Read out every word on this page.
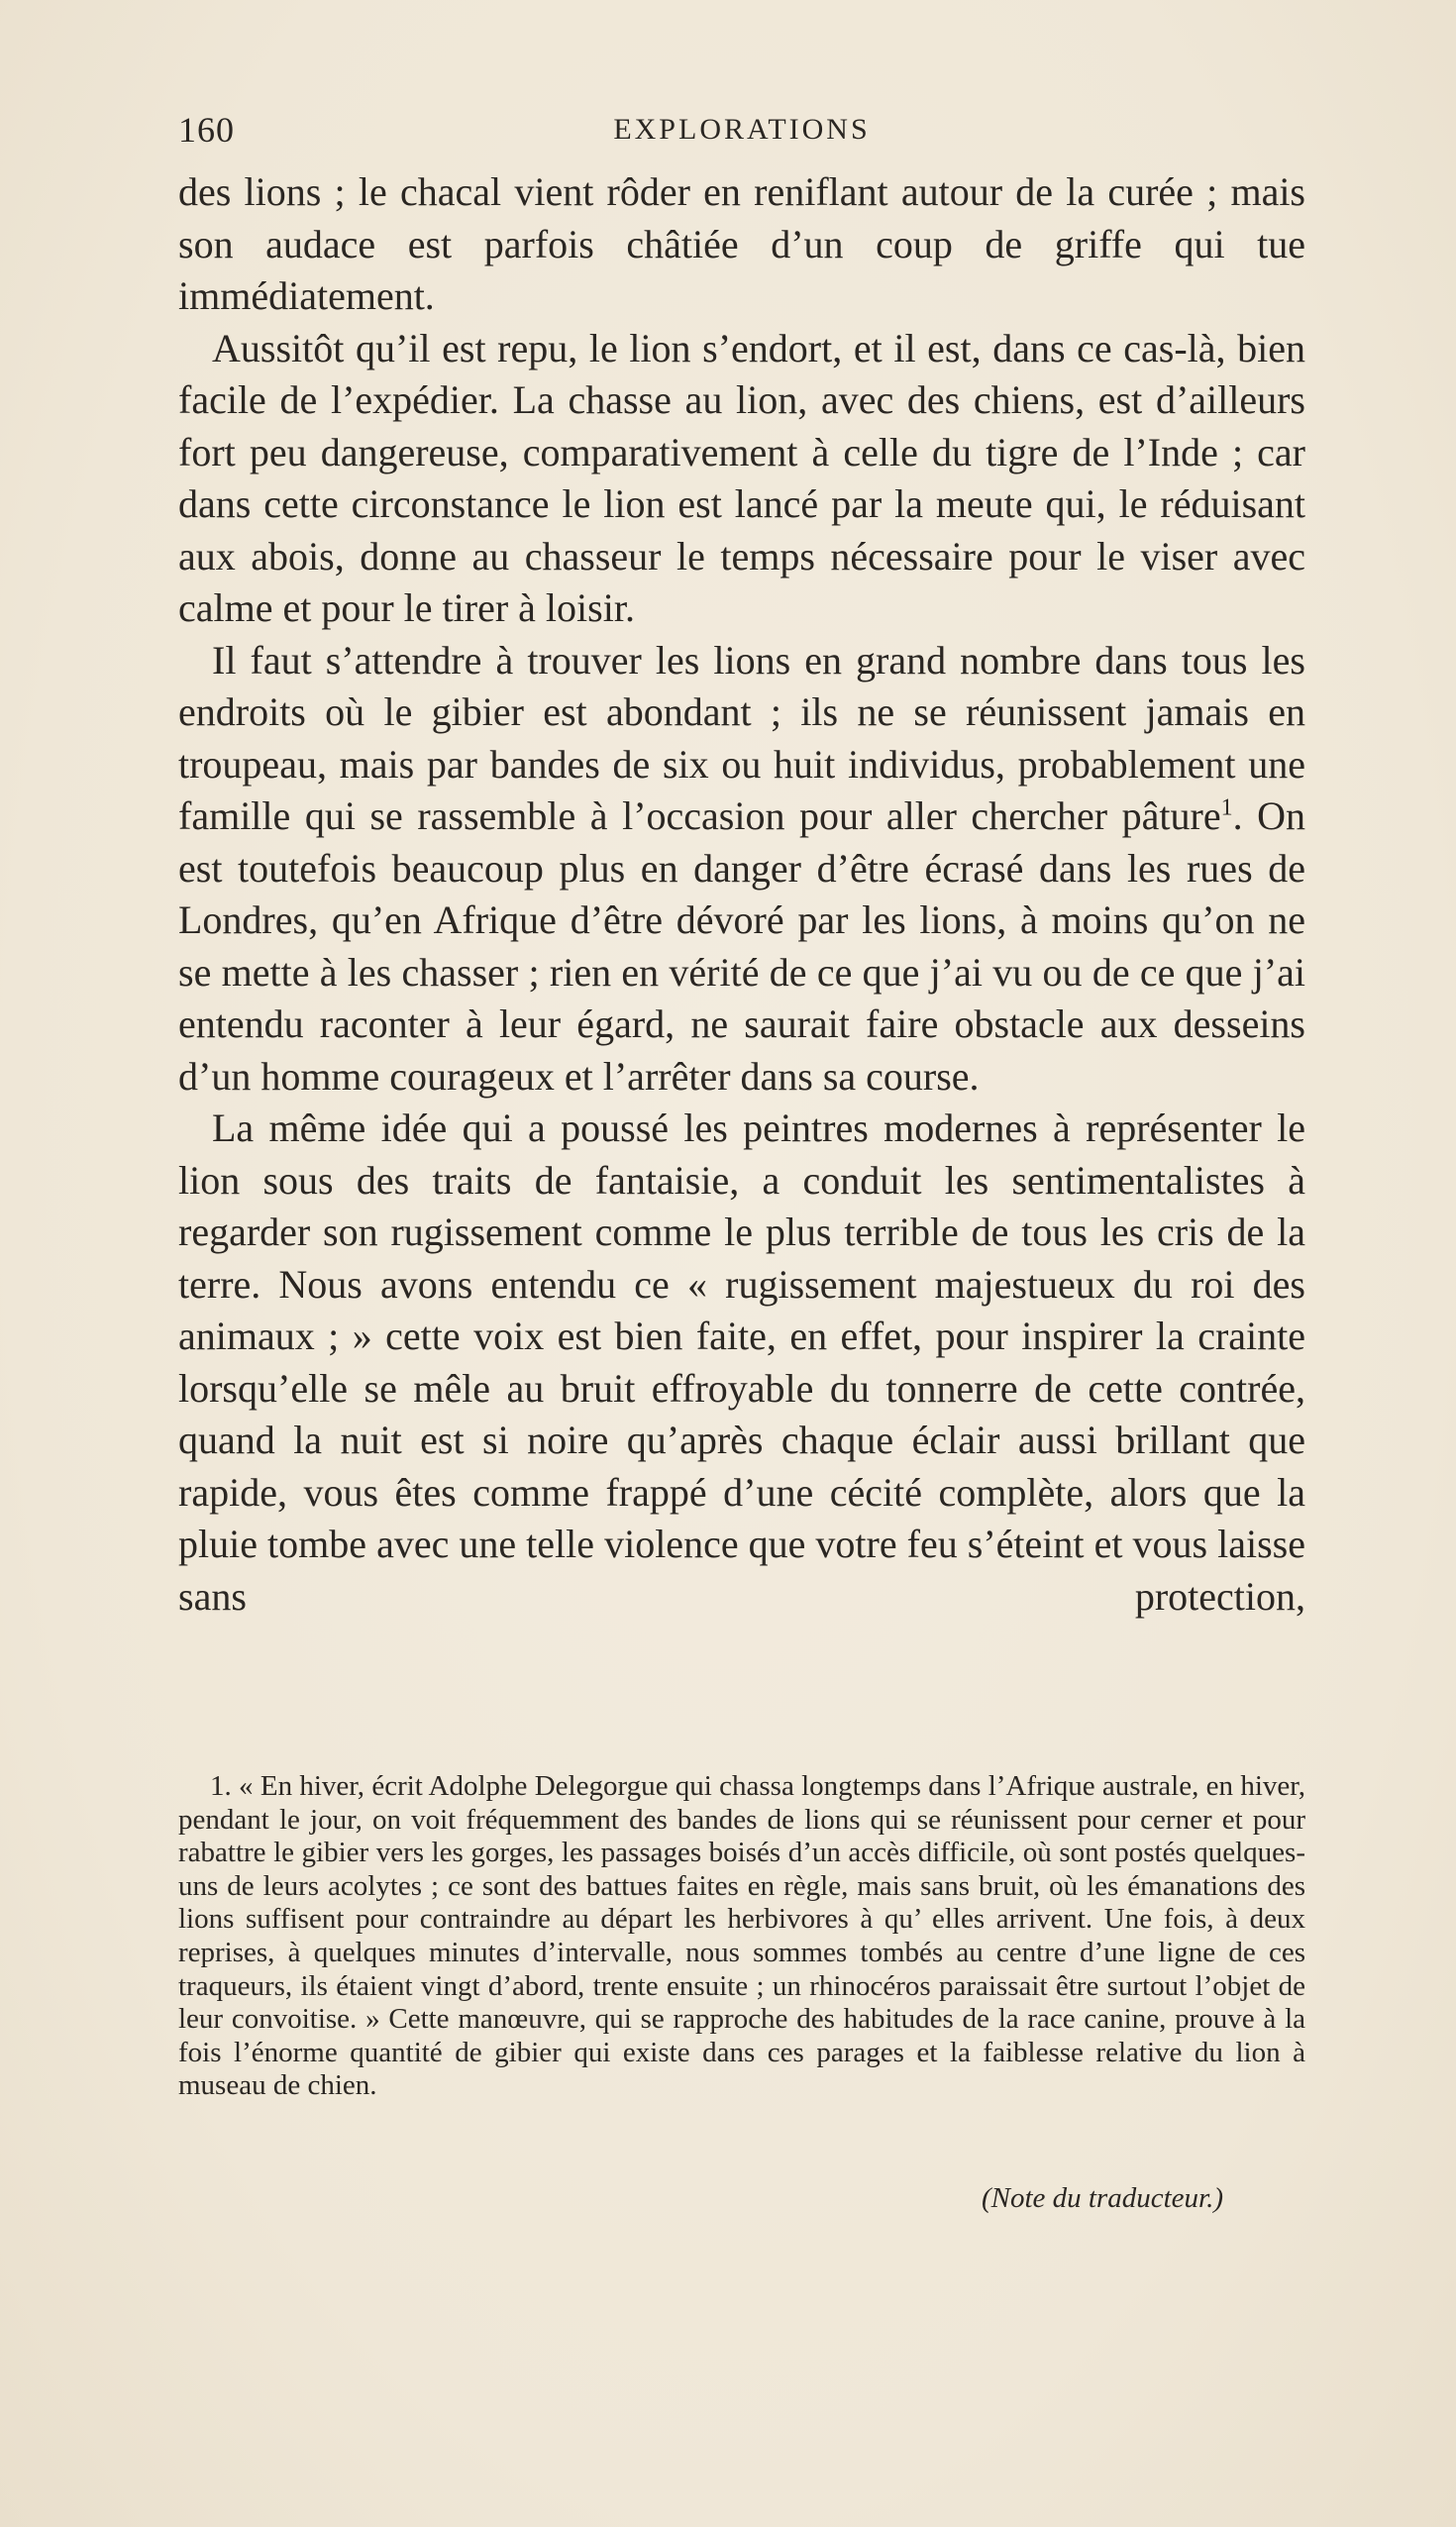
160	EXPLORATIONS

des lions ; le chacal vient rôder en reniflant autour de la curée ; mais son audace est parfois châtiée d’un coup de griffe qui tue immédiatement.

Aussitôt qu’il est repu, le lion s’endort, et il est, dans ce cas-là, bien facile de l’expédier. La chasse au lion, avec des chiens, est d’ailleurs fort peu dangereuse, comparativement à celle du tigre de l’Inde ; car dans cette circonstance le lion est lancé par la meute qui, le réduisant aux abois, donne au chasseur le temps nécessaire pour le viser avec calme et pour le tirer à loisir.

Il faut s’attendre à trouver les lions en grand nombre dans tous les endroits où le gibier est abondant ; ils ne se réunissent jamais en troupeau, mais par bandes de six ou huit individus, probablement une famille qui se rassemble à l’occasion pour aller chercher pâture$^1$. On est toutefois beaucoup plus en danger d’être écrasé dans les rues de Londres, qu’en Afrique d’être dévoré par les lions, à moins qu’on ne se mette à les chasser ; rien en vérité de ce que j’ai vu ou de ce que j’ai entendu raconter à leur égard, ne saurait faire obstacle aux desseins d’un homme courageux et l’arrêter dans sa course.

La même idée qui a poussé les peintres modernes à représenter le lion sous des traits de fantaisie, a conduit les sentimentalistes à regarder son rugissement comme le plus terrible de tous les cris de la terre. Nous avons entendu ce « rugissement majestueux du roi des animaux ; » cette voix est bien faite, en effet, pour inspirer la crainte lorsqu’elle se mêle au bruit effroyable du tonnerre de cette contrée, quand la nuit est si noire qu’après chaque éclair aussi brillant que rapide, vous êtes comme frappé d’une cécité complète, alors que la pluie tombe avec une telle violence que votre feu s’éteint et vous laisse sans protection,

1. « En hiver, écrit Adolphe Delegorgue qui chassa longtemps dans l’Afrique australe, en hiver, pendant le jour, on voit fréquemment des bandes de lions qui se réunissent pour cerner et pour rabattre le gibier vers les gorges, les passages boisés d’un accès difficile, où sont postés quelques-uns de leurs acolytes ; ce sont des battues faites en règle, mais sans bruit, où les émanations des lions suffisent pour contraindre au départ les herbivores à qu’ elles arrivent. Une fois, à deux reprises, à quelques minutes d’intervalle, nous sommes tombés au centre d’une ligne de ces traqueurs, ils étaient vingt d’abord, trente ensuite ; un rhinocéros paraissait être surtout l’objet de leur convoitise. » Cette manœuvre, qui se rapproche des habitudes de la race canine, prouve à la fois l’énorme quantité de gibier qui existe dans ces parages et la faiblesse relative du lion à museau de chien.

(Note du traducteur.)
